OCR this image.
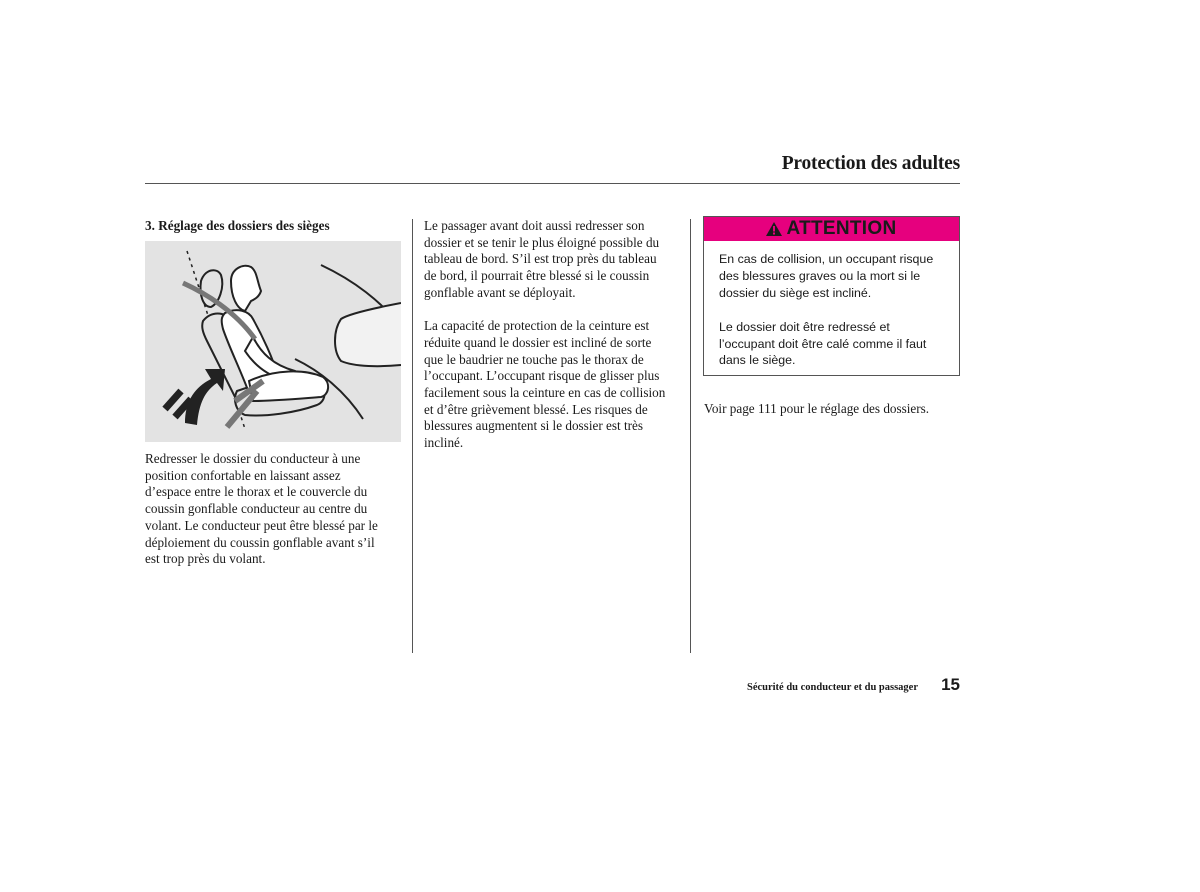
Protection des adultes
3. Réglage des dossiers des sièges

Redresser le dossier du conducteur à une
position confortable en laissant assez
d’espace entre le thorax et le couvercle du
coussin gonflable conducteur au centre du
volant. Le conducteur peut être blessé par le
déploiement du coussin gonflable avant s’il
est trop près du volant.

Le passager avant doit aussi redresser son
dossier et se tenir le plus éloigné possible du
tableau de bord. S’il est trop près du tableau
de bord, il pourrait être blessé si le coussin
gonflable avant se déployait.

La capacité de protection de la ceinture est
réduite quand le dossier est incliné de sorte
que le baudrier ne touche pas le thorax de
l’occupant. L’occupant risque de glisser plus
facilement sous la ceinture en cas de collision
et d’être grièvement blessé. Les risques de
blessures augmentent si le dossier est très
incliné.

ATTENTION

En cas de collision, un occupant risque
des blessures graves ou la mort si le
dossier du siège est incliné.

Le dossier doit être redressé et
l’occupant doit être calé comme il faut
dans le siège.

Voir page 111 pour le réglage des dossiers.
Sécurité du conducteur et du passager 15
